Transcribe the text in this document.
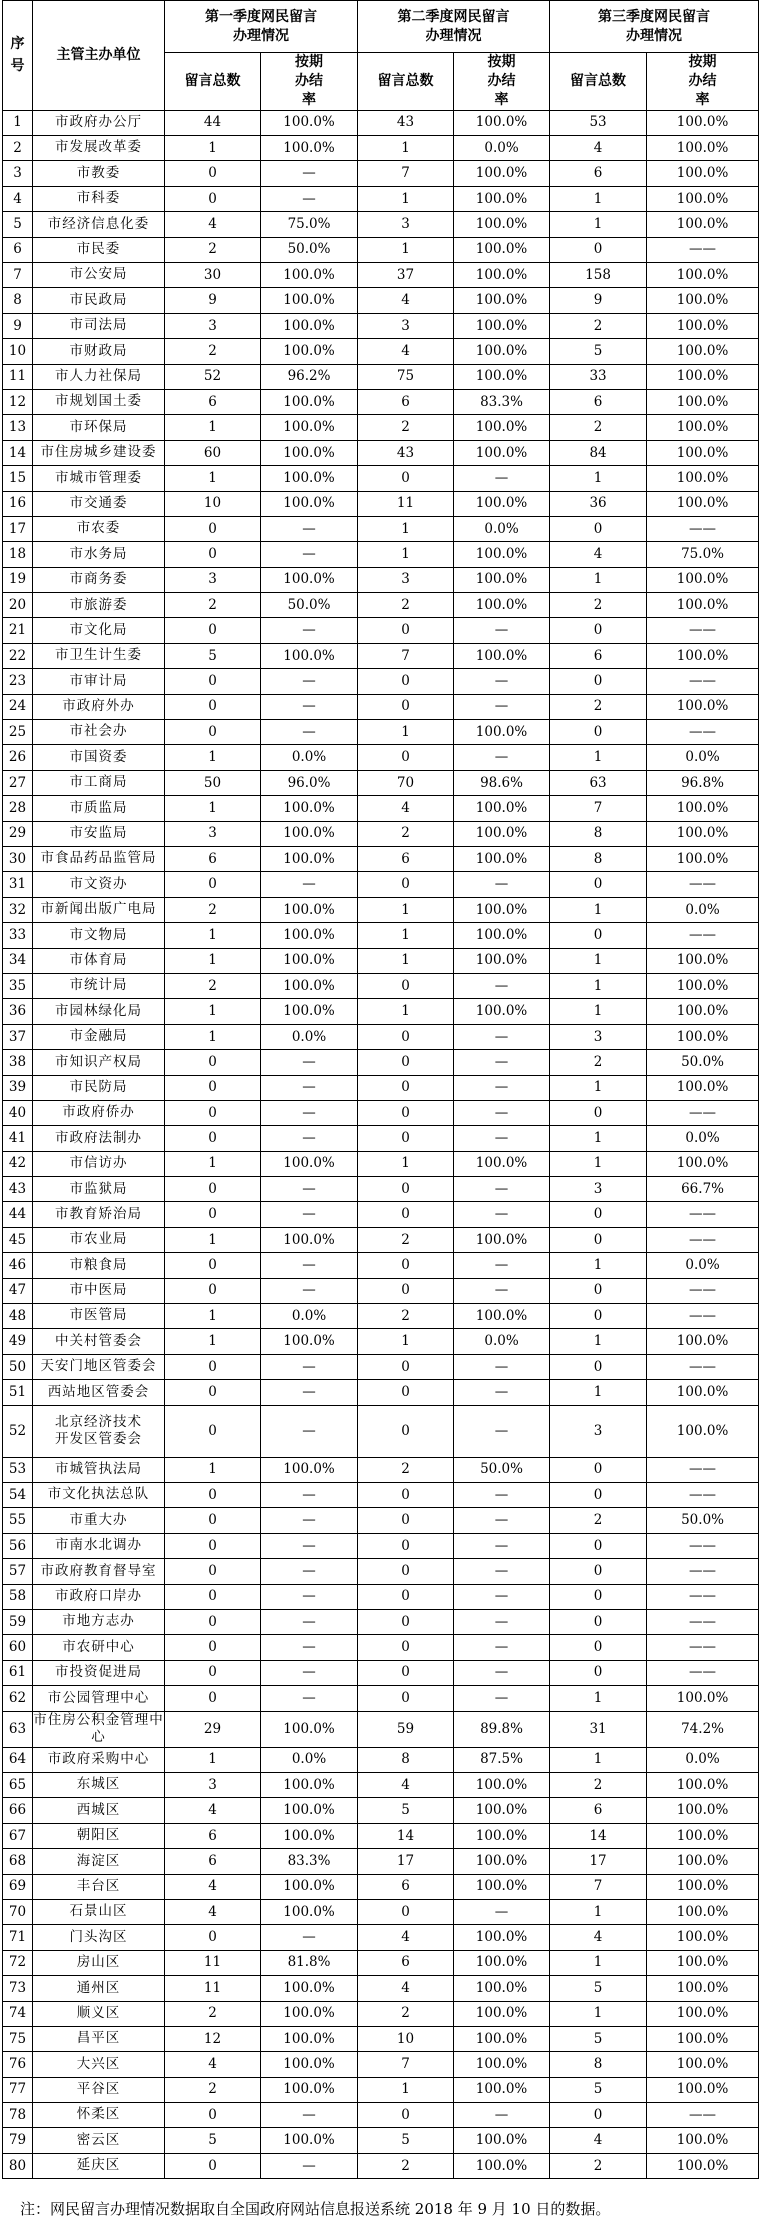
序号	主管主办单位	第一季度网民留言办理情况		第二季度网民留言办理情况		第三季度网民留言办理情况	
		留言总数	按期办结率	留言总数	按期办结率	留言总数	按期办结率
1	市政府办公厅	44	100.0%	43	100.0%	53	100.0%
2	市发展改革委	1	100.0%	1	0.0%	4	100.0%
3	市教委	0	—	7	100.0%	6	100.0%
4	市科委	0	—	1	100.0%	1	100.0%
5	市经济信息化委	4	75.0%	3	100.0%	1	100.0%
6	市民委	2	50.0%	1	100.0%	0	——
7	市公安局	30	100.0%	37	100.0%	158	100.0%
8	市民政局	9	100.0%	4	100.0%	9	100.0%
9	市司法局	3	100.0%	3	100.0%	2	100.0%
10	市财政局	2	100.0%	4	100.0%	5	100.0%
11	市人力社保局	52	96.2%	75	100.0%	33	100.0%
12	市规划国土委	6	100.0%	6	83.3%	6	100.0%
13	市环保局	1	100.0%	2	100.0%	2	100.0%
14	市住房城乡建设委	60	100.0%	43	100.0%	84	100.0%
15	市城市管理委	1	100.0%	0	—	1	100.0%
16	市交通委	10	100.0%	11	100.0%	36	100.0%
17	市农委	0	—	1	0.0%	0	——
18	市水务局	0	—	1	100.0%	4	75.0%
19	市商务委	3	100.0%	3	100.0%	1	100.0%
20	市旅游委	2	50.0%	2	100.0%	2	100.0%
21	市文化局	0	—	0	—	0	——
22	市卫生计生委	5	100.0%	7	100.0%	6	100.0%
23	市审计局	0	—	0	—	0	——
24	市政府外办	0	—	0	—	2	100.0%
25	市社会办	0	—	1	100.0%	0	——
26	市国资委	1	0.0%	0	—	1	0.0%
27	市工商局	50	96.0%	70	98.6%	63	96.8%
28	市质监局	1	100.0%	4	100.0%	7	100.0%
29	市安监局	3	100.0%	2	100.0%	8	100.0%
30	市食品药品监管局	6	100.0%	6	100.0%	8	100.0%
31	市文资办	0	—	0	—	0	——
32	市新闻出版广电局	2	100.0%	1	100.0%	1	0.0%
33	市文物局	1	100.0%	1	100.0%	0	——
34	市体育局	1	100.0%	1	100.0%	1	100.0%
35	市统计局	2	100.0%	0	—	1	100.0%
36	市园林绿化局	1	100.0%	1	100.0%	1	100.0%
37	市金融局	1	0.0%	0	—	3	100.0%
38	市知识产权局	0	—	0	—	2	50.0%
39	市民防局	0	—	0	—	1	100.0%
40	市政府侨办	0	—	0	—	0	——
41	市政府法制办	0	—	0	—	1	0.0%
42	市信访办	1	100.0%	1	100.0%	1	100.0%
43	市监狱局	0	—	0	—	3	66.7%
44	市教育矫治局	0	—	0	—	0	——
45	市农业局	1	100.0%	2	100.0%	0	——
46	市粮食局	0	—	0	—	1	0.0%
47	市中医局	0	—	0	—	0	——
48	市医管局	1	0.0%	2	100.0%	0	——
49	中关村管委会	1	100.0%	1	0.0%	1	100.0%
50	天安门地区管委会	0	—	0	—	0	——
51	西站地区管委会	0	—	0	—	1	100.0%
52	北京经济技术开发区管委会	0	—	0	—	3	100.0%
53	市城管执法局	1	100.0%	2	50.0%	0	——
54	市文化执法总队	0	—	0	—	0	——
55	市重大办	0	—	0	—	2	50.0%
56	市南水北调办	0	—	0	—	0	——
57	市政府教育督导室	0	—	0	—	0	——
58	市政府口岸办	0	—	0	—	0	——
59	市地方志办	0	—	0	—	0	——
60	市农研中心	0	—	0	—	0	——
61	市投资促进局	0	—	0	—	0	——
62	市公园管理中心	0	—	0	—	1	100.0%
63	市住房公积金管理中心	29	100.0%	59	89.8%	31	74.2%
64	市政府采购中心	1	0.0%	8	87.5%	1	0.0%
65	东城区	3	100.0%	4	100.0%	2	100.0%
66	西城区	4	100.0%	5	100.0%	6	100.0%
67	朝阳区	6	100.0%	14	100.0%	14	100.0%
68	海淀区	6	83.3%	17	100.0%	17	100.0%
69	丰台区	4	100.0%	6	100.0%	7	100.0%
70	石景山区	4	100.0%	0	—	1	100.0%
71	门头沟区	0	—	4	100.0%	4	100.0%
72	房山区	11	81.8%	6	100.0%	1	100.0%
73	通州区	11	100.0%	4	100.0%	5	100.0%
74	顺义区	2	100.0%	2	100.0%	1	100.0%
75	昌平区	12	100.0%	10	100.0%	5	100.0%
76	大兴区	4	100.0%	7	100.0%	8	100.0%
77	平谷区	2	100.0%	1	100.0%	5	100.0%
78	怀柔区	0	—	0	—	0	——
79	密云区	5	100.0%	5	100.0%	4	100.0%
80	延庆区	0	—	2	100.0%	2	100.0%
注：网民留言办理情况数据取自全国政府网站信息报送系统 2018 年 9 月 10 日的数据。
